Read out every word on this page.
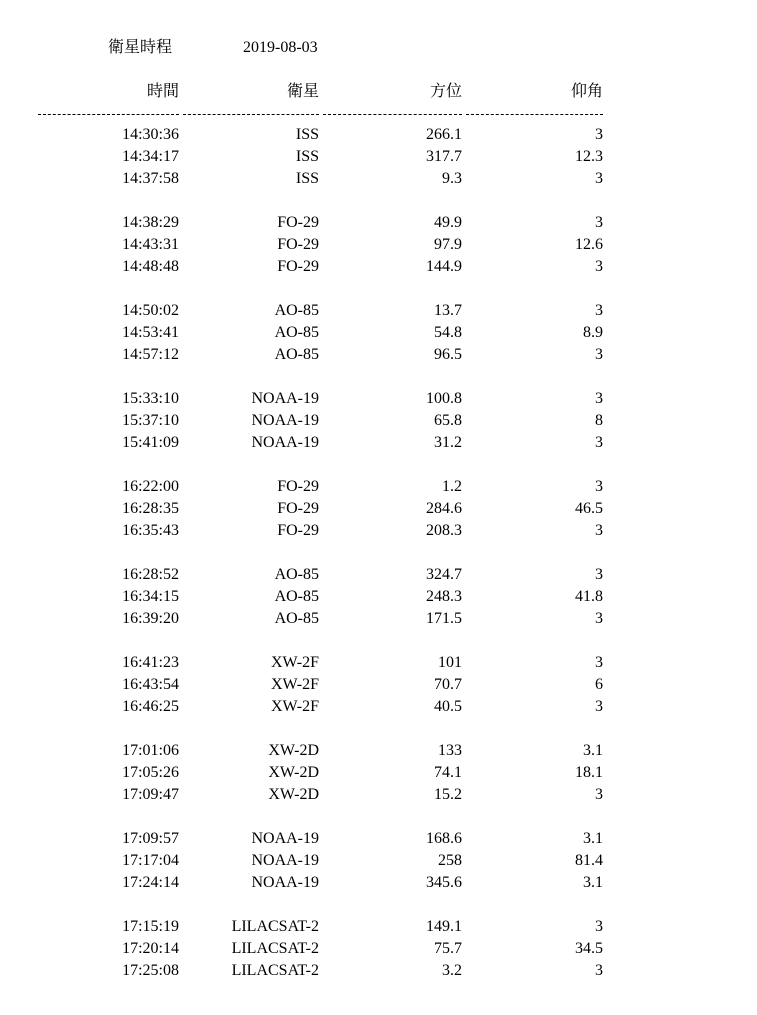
衛星時程	2019-08-03
時間	衛星	方位	仰角
14:30:36	ISS	266.1	3
14:34:17	ISS	317.7	12.3
14:37:58	ISS	9.3	3
14:38:29	FO-29	49.9	3
14:43:31	FO-29	97.9	12.6
14:48:48	FO-29	144.9	3
14:50:02	AO-85	13.7	3
14:53:41	AO-85	54.8	8.9
14:57:12	AO-85	96.5	3
15:33:10	NOAA-19	100.8	3
15:37:10	NOAA-19	65.8	8
15:41:09	NOAA-19	31.2	3
16:22:00	FO-29	1.2	3
16:28:35	FO-29	284.6	46.5
16:35:43	FO-29	208.3	3
16:28:52	AO-85	324.7	3
16:34:15	AO-85	248.3	41.8
16:39:20	AO-85	171.5	3
16:41:23	XW-2F	101	3
16:43:54	XW-2F	70.7	6
16:46:25	XW-2F	40.5	3
17:01:06	XW-2D	133	3.1
17:05:26	XW-2D	74.1	18.1
17:09:47	XW-2D	15.2	3
17:09:57	NOAA-19	168.6	3.1
17:17:04	NOAA-19	258	81.4
17:24:14	NOAA-19	345.6	3.1
17:15:19	LILACSAT-2	149.1	3
17:20:14	LILACSAT-2	75.7	34.5
17:25:08	LILACSAT-2	3.2	3
